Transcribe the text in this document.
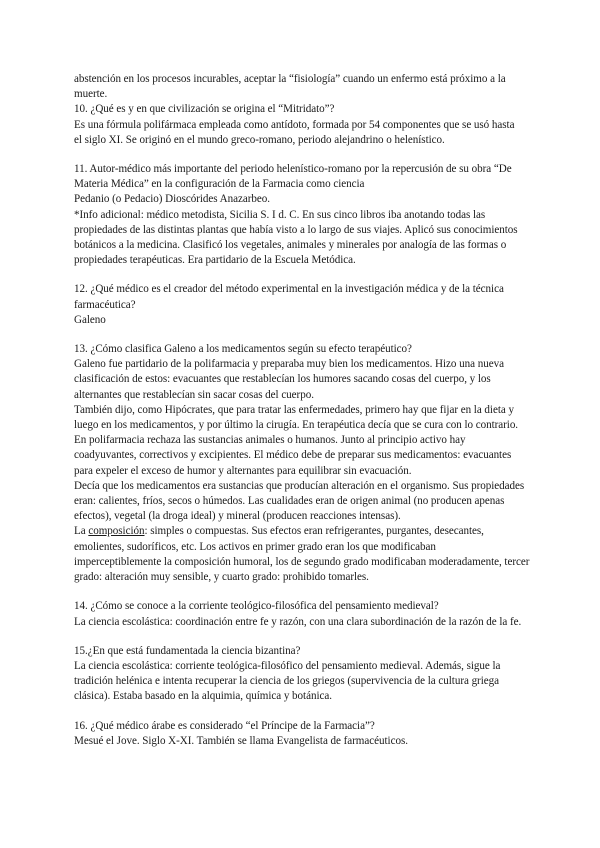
abstención en los procesos incurables, aceptar la “fisiología” cuando un enfermo está próximo a la
muerte.

10. ¿Qué es y en que civilización se origina el “Mitridato”?
Es una fórmula polifármaca empleada como antídoto, formada por 54 componentes que se usó hasta
el siglo XI. Se originó en el mundo greco-romano, periodo alejandrino o helenístico.

11. Autor-médico más importante del periodo helenístico-romano por la repercusión de su obra “De
Materia Médica” en la configuración de la Farmacia como ciencia
Pedanio (o Pedacio) Dioscórides Anazarbeo.
*Info adicional: médico metodista, Sicilia S. I d. C. En sus cinco libros iba anotando todas las
propiedades de las distintas plantas que había visto a lo largo de sus viajes. Aplicó sus conocimientos
botánicos a la medicina. Clasificó los vegetales, animales y minerales por analogía de las formas o
propiedades terapéuticas. Era partidario de la Escuela Metódica.

12. ¿Qué médico es el creador del método experimental en la investigación médica y de la técnica
farmacéutica?
Galeno

13. ¿Cómo clasifica Galeno a los medicamentos según su efecto terapéutico?
Galeno fue partidario de la polifarmacia y preparaba muy bien los medicamentos. Hizo una nueva
clasificación de estos: evacuantes que restablecían los humores sacando cosas del cuerpo, y los
alternantes que restablecían sin sacar cosas del cuerpo.
También dijo, como Hipócrates, que para tratar las enfermedades, primero hay que fijar en la dieta y
luego en los medicamentos, y por último la cirugía. En terapéutica decía que se cura con lo contrario.
En polifarmacia rechaza las sustancias animales o humanos. Junto al principio activo hay
coadyuvantes, correctivos y excipientes. El médico debe de preparar sus medicamentos: evacuantes
para expeler el exceso de humor y alternantes para equilibrar sin evacuación.
Decía que los medicamentos era sustancias que producían alteración en el organismo. Sus propiedades
eran: calientes, fríos, secos o húmedos. Las cualidades eran de origen animal (no producen apenas
efectos), vegetal (la droga ideal) y mineral (producen reacciones intensas).
La composición: simples o compuestas. Sus efectos eran refrigerantes, purgantes, desecantes,
emolientes, sudoríficos, etc. Los activos en primer grado eran los que modificaban
imperceptiblemente la composición humoral, los de segundo grado modificaban moderadamente, tercer
grado: alteración muy sensible, y cuarto grado: prohibido tomarles.

14. ¿Cómo se conoce a la corriente teológico-filosófica del pensamiento medieval?
La ciencia escolástica: coordinación entre fe y razón, con una clara subordinación de la razón de la fe.

15.¿En que está fundamentada la ciencia bizantina?
La ciencia escolástica: corriente teológica-filosófico del pensamiento medieval. Además, sigue la
tradición helénica e intenta recuperar la ciencia de los griegos (supervivencia de la cultura griega
clásica). Estaba basado en la alquimia, química y botánica.

16. ¿Qué médico árabe es considerado “el Príncipe de la Farmacia”?
Mesué el Jove. Siglo X-XI. También se llama Evangelista de farmacéuticos.
